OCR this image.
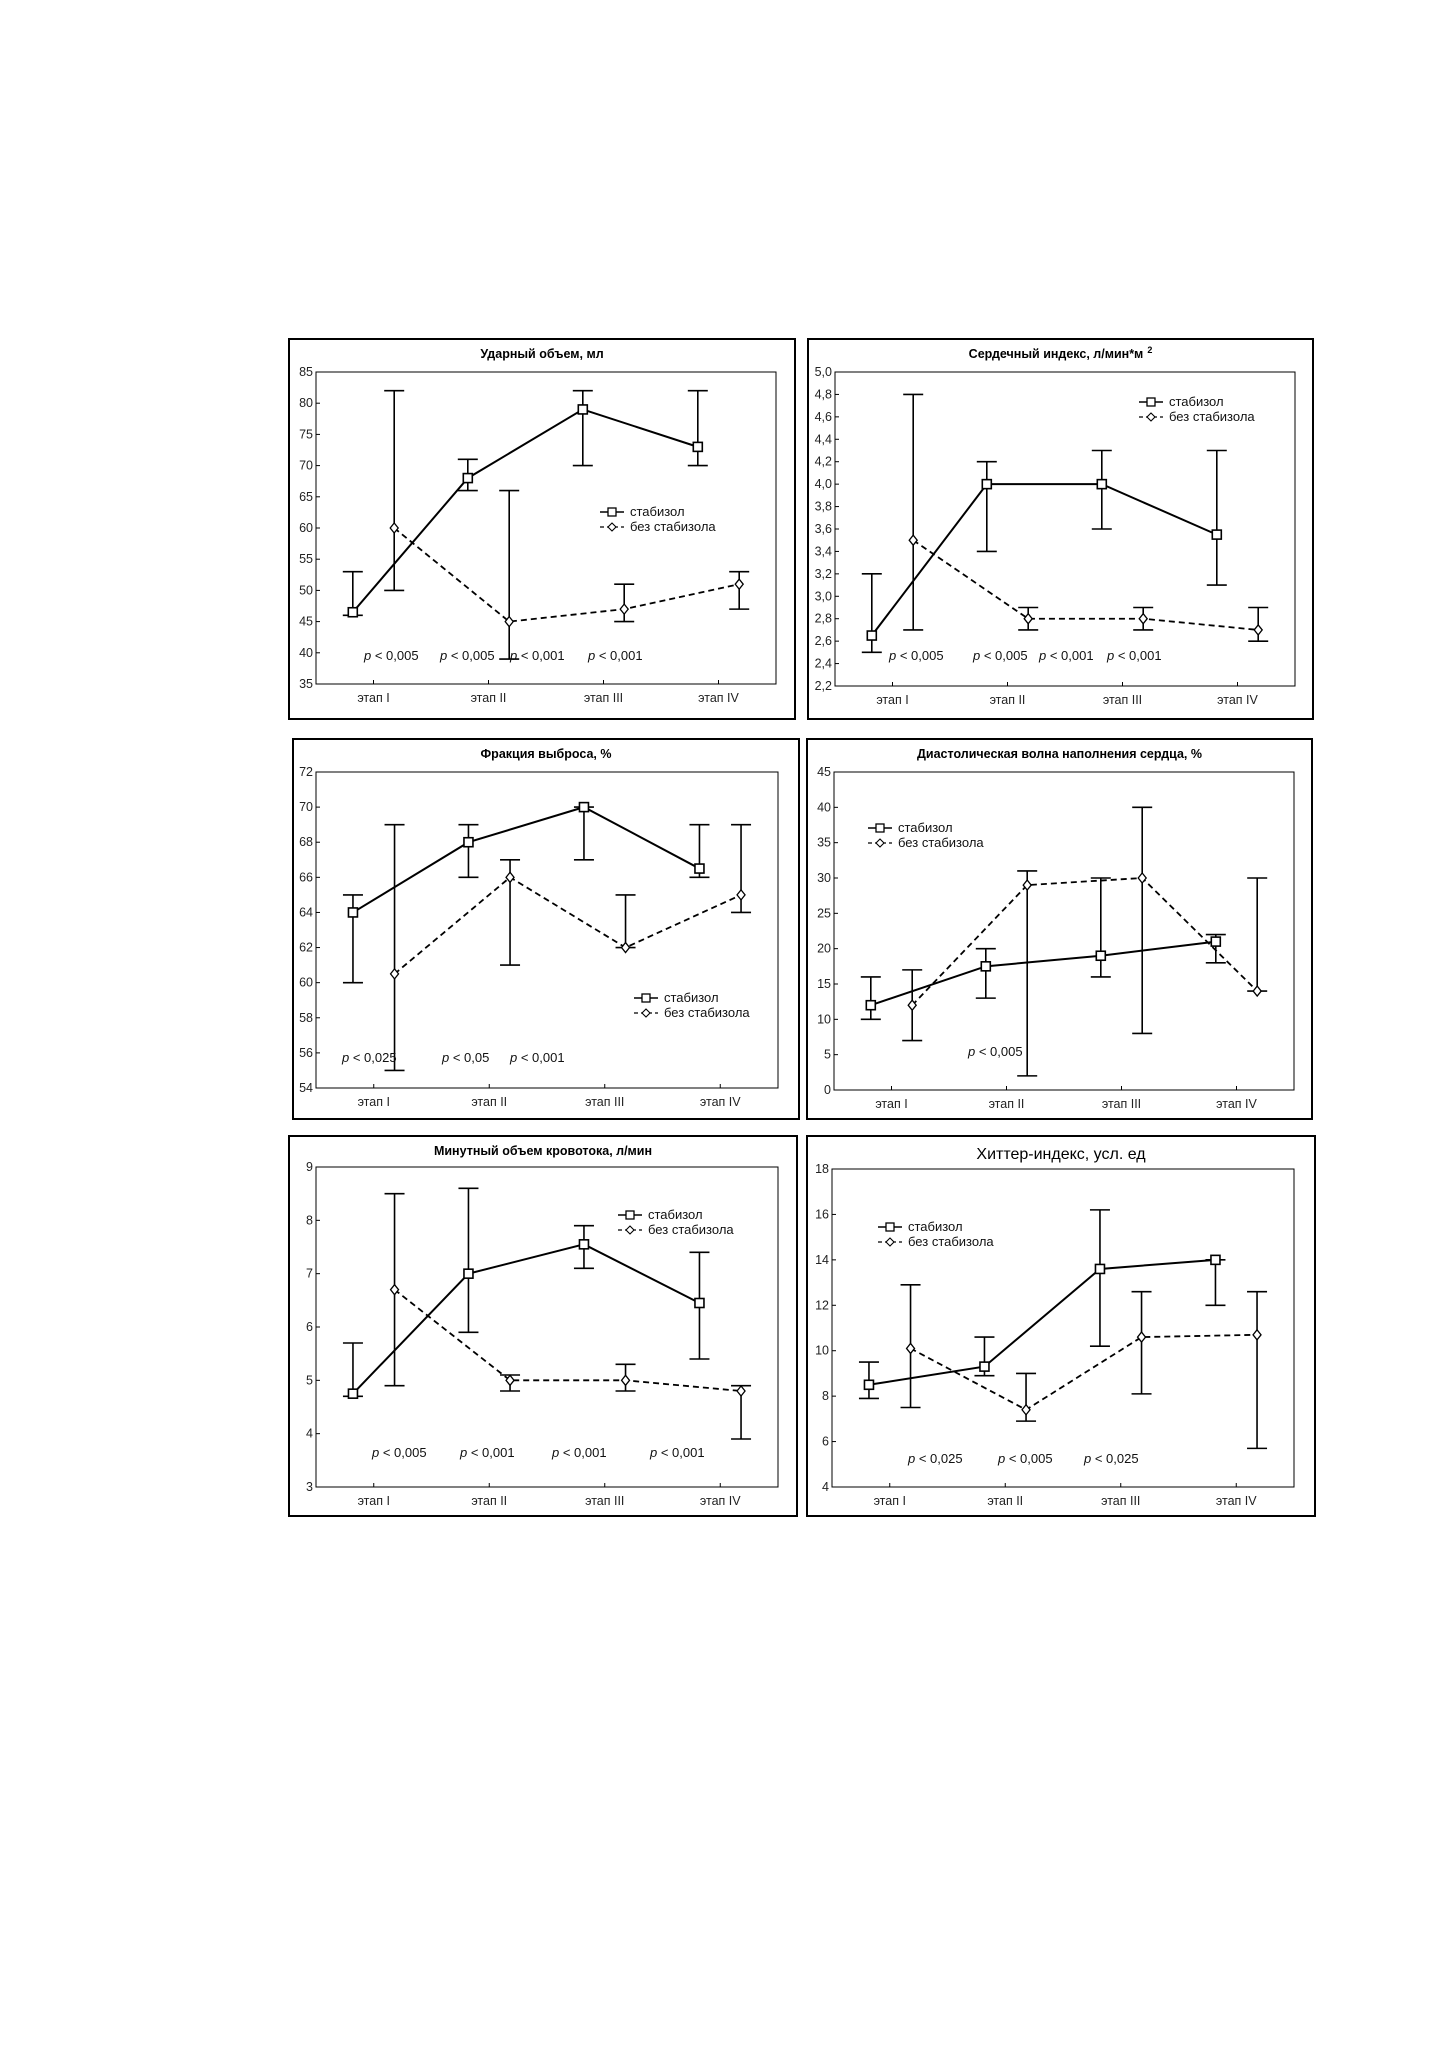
Ударный объем, мл
35
40
45
50
55
60
65
70
75
80
85
этап I	этап II	этап III	этап IV
стабизол
без стабизола
p < 0,005 p < 0,005 p < 0,001 p < 0,001
Сердечный индекс, л/мин*м $^2$
2,2
2,4
2,6
2,8
3,0
3,2
3,4
3,6
3,8
4,0
4,2
4,4
4,6
4,8
5,0
этап I	этап II	этап III	этап IV
стабизол
без стабизола
p < 0,005 p < 0,005 p < 0,001 p < 0,001
Фракция выброса, %
54
56
58
60
62
64
66
68
70
72
этап I	этап II	этап III	этап IV
стабизол
без стабизола
p < 0,025	p < 0,05 p < 0,001
Диастолическая волна наполнения сердца, %
0
5
10
15
20
25
30
35
40
45
этап I	этап II	этап III	этап IV
стабизол
без стабизола
p < 0,005
Минутный объем кровотока, л/мин
3
4
5
6
7
8
9
этап I	этап II	этап III	этап IV
стабизол
без стабизола
p < 0,005	p < 0,001	p < 0,001	p < 0,001
Хиттер-индекс, усл. ед
4
6
8
10
12
14
16
18
этап I	этап II	этап III	этап IV
стабизол
без стабизола
p < 0,025	p < 0,005 p < 0,025
